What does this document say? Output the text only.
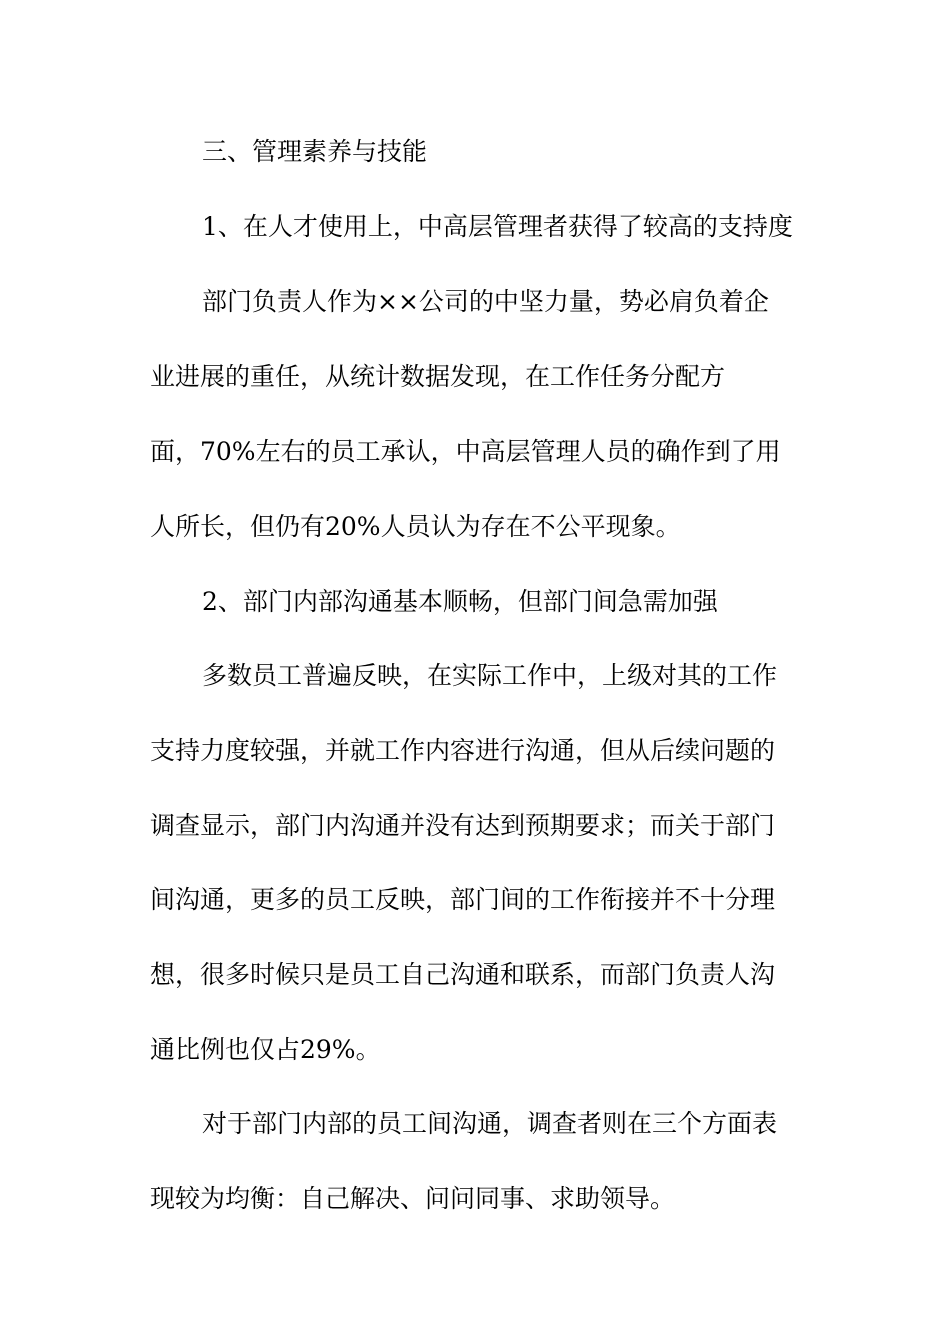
三、管理素养与技能
1、在人才使用上，中高层管理者获得了较高的支持度
部门负责人作为××公司的中坚力量，势必肩负着企
业进展的重任，从统计数据发现，在工作任务分配方
面，70%左右的员工承认，中高层管理人员的确作到了用
人所长，但仍有20%人员认为存在不公平现象。
2、部门内部沟通基本顺畅，但部门间急需加强
多数员工普遍反映，在实际工作中，上级对其的工作
支持力度较强，并就工作内容进行沟通，但从后续问题的
调查显示，部门内沟通并没有达到预期要求；而关于部门
间沟通，更多的员工反映，部门间的工作衔接并不十分理
想，很多时候只是员工自己沟通和联系，而部门负责人沟
通比例也仅占29%。
对于部门内部的员工间沟通，调查者则在三个方面表
现较为均衡：自己解决、问问同事、求助领导。
